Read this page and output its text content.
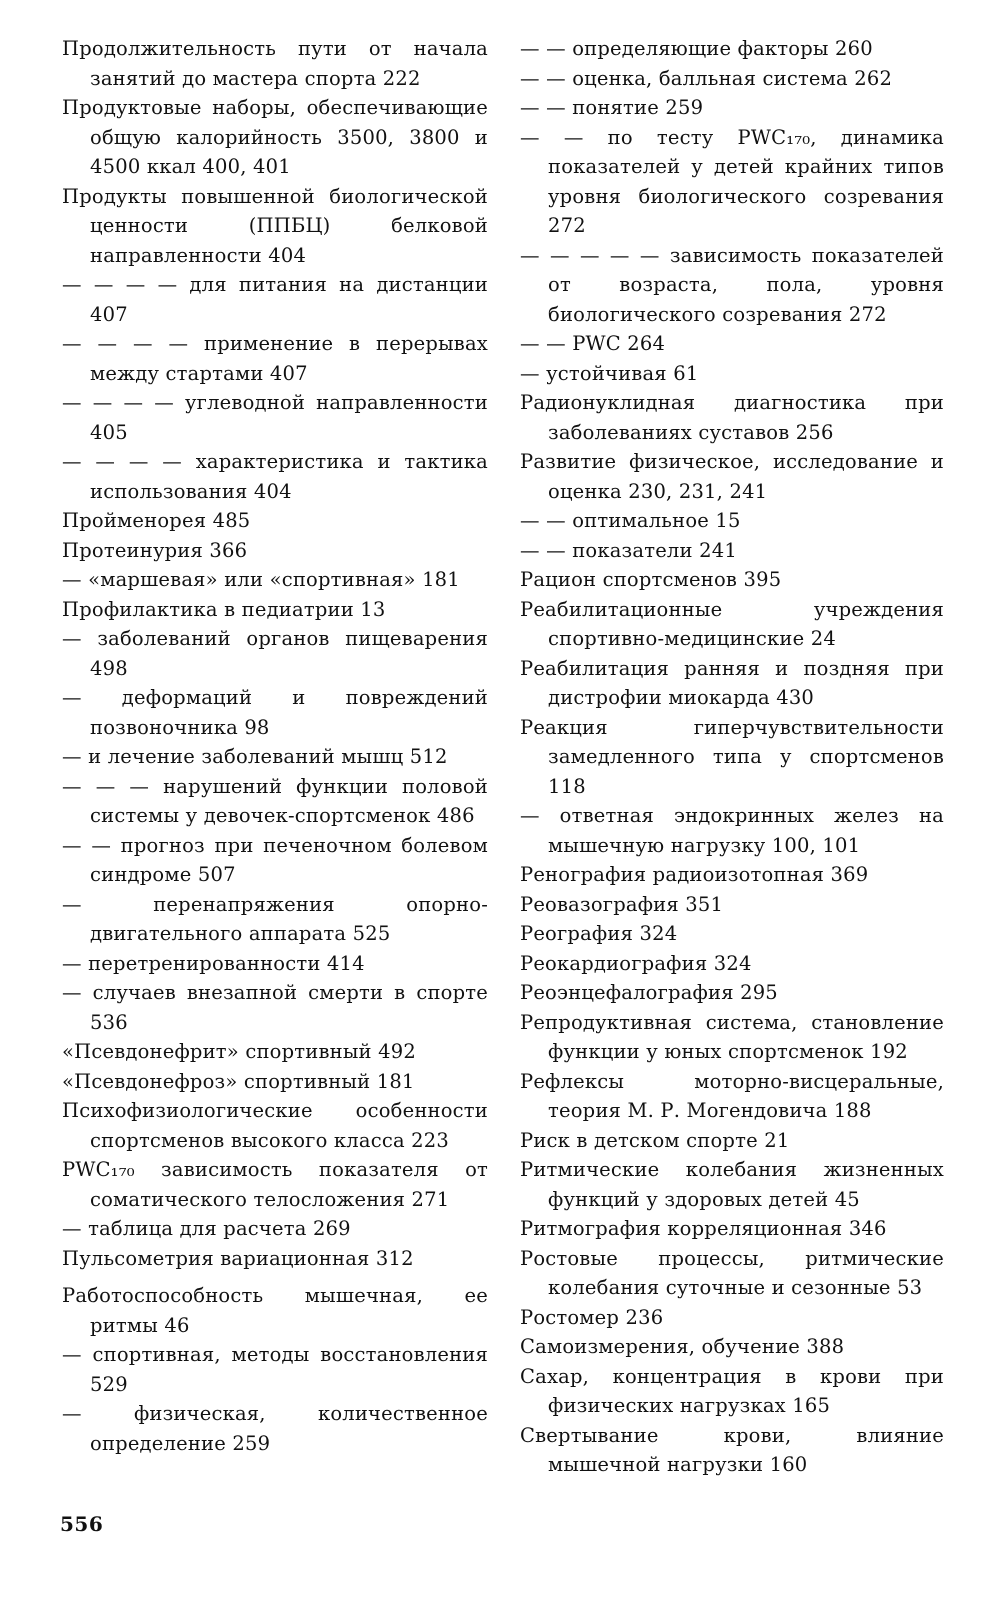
Продолжительность пути от начала занятий до мастера спорта 222

Продуктовые наборы, обеспечивающие общую калорийность 3500, 3800 и 4500 ккал 400, 401

Продукты повышенной биологической ценности (ППБЦ) белковой направленности 404

— — — — для питания на дистанции 407

— — — — применение в перерывах между стартами 407

— — — — углеводной направленности 405

— — — — характеристика и тактика использования 404

Пройменорея 485

Протеинурия 366

— «маршевая» или «спортивная» 181

Профилактика в педиатрии 13

— заболеваний органов пищеварения 498

— деформаций и повреждений позвоночника 98

— и лечение заболеваний мышц 512

— — — нарушений функции половой системы у девочек-спортсменок 486

— — прогноз при печеночном болевом синдроме 507

— перенапряжения опорно-двигательного аппарата 525

— перетренированности 414

— случаев внезапной смерти в спорте 536

«Псевдонефрит» спортивный 492

«Псевдонефроз» спортивный 181

Психофизиологические особенности спортсменов высокого класса 223

PWC₁₇₀ зависимость показателя от соматического телосложения 271

— таблица для расчета 269

Пульсометрия вариационная 312

Работоспособность мышечная, ее ритмы 46

— спортивная, методы восстановления 529

— физическая, количественное определение 259

— — определяющие факторы 260

— — оценка, балльная система 262

— — понятие 259

— — по тесту PWC₁₇₀, динамика показателей у детей крайних типов уровня биологического созревания 272

— — — — — зависимость показателей от возраста, пола, уровня биологического созревания 272

— — PWC 264

— устойчивая 61

Радионуклидная диагностика при заболеваниях суставов 256

Развитие физическое, исследование и оценка 230, 231, 241

— — оптимальное 15

— — показатели 241

Рацион спортсменов 395

Реабилитационные учреждения спортивно-медицинские 24

Реабилитация ранняя и поздняя при дистрофии миокарда 430

Реакция гиперчувствительности замедленного типа у спортсменов 118

— ответная эндокринных желез на мышечную нагрузку 100, 101

Ренография радиоизотопная 369

Реовазография 351

Реография 324

Реокардиография 324

Реоэнцефалография 295

Репродуктивная система, становление функции у юных спортсменок 192

Рефлексы моторно-висцеральные, теория М. Р. Могендовича 188

Риск в детском спорте 21

Ритмические колебания жизненных функций у здоровых детей 45

Ритмография корреляционная 346

Ростовые процессы, ритмические колебания суточные и сезонные 53

Ростомер 236

Самоизмерения, обучение 388

Сахар, концентрация в крови при физических нагрузках 165

Свертывание крови, влияние мышечной нагрузки 160

556
